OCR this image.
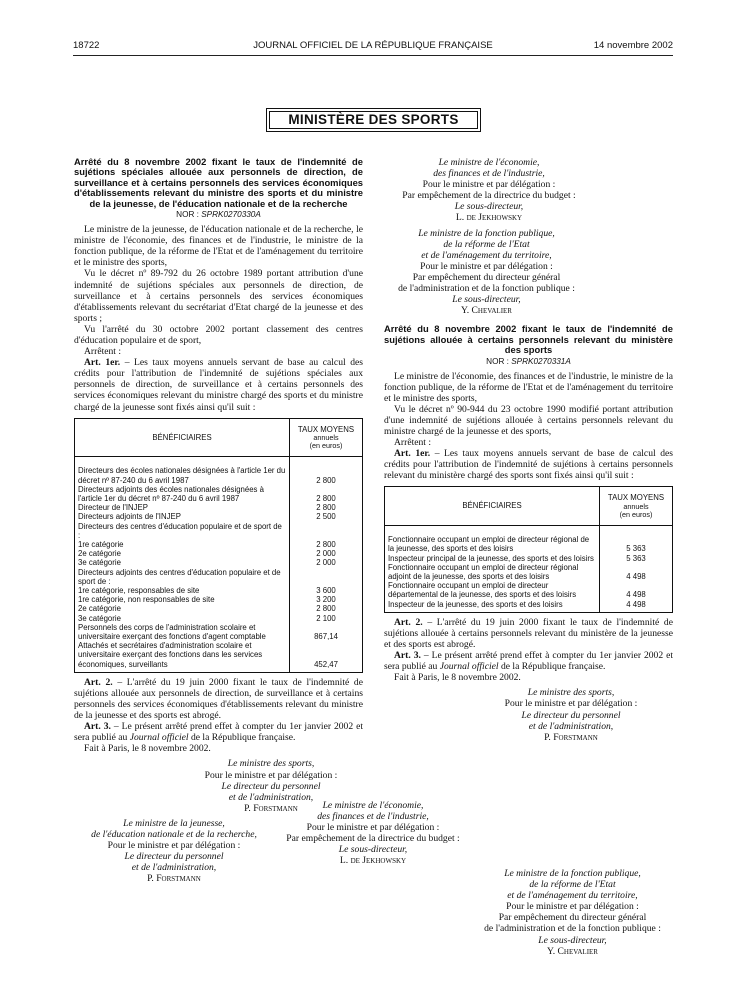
18722	JOURNAL OFFICIEL DE LA RÉPUBLIQUE FRANÇAISE	14 novembre 2002
MINISTÈRE DES SPORTS
Arrêté du 8 novembre 2002 fixant le taux de l'indemnité de sujétions spéciales allouée aux personnels de direction, de surveillance et à certains personnels des services économiques d'établissements relevant du ministre des sports et du ministre de la jeunesse, de l'éducation nationale et de la recherche
NOR : SPRK0270330A

Le ministre de la jeunesse, de l'éducation nationale et de la recherche, le ministre de l'économie, des finances et de l'industrie, le ministre de la fonction publique, de la réforme de l'Etat et de l'aménagement du territoire et le ministre des sports,

Vu le décret nº 89-792 du 26 octobre 1989 portant attribution d'une indemnité de sujétions spéciales aux personnels de direction, de surveillance et à certains personnels des services économiques d'établissements relevant du secrétariat d'Etat chargé de la jeunesse et des sports ;

Vu l'arrêté du 30 octobre 2002 portant classement des centres d'éducation populaire et de sport,

Arrêtent :

Art. 1er. – Les taux moyens annuels servant de base au calcul des crédits pour l'attribution de l'indemnité de sujétions spéciales aux personnels de direction, de surveillance et à certains personnels des services économiques relevant du ministre chargé des sports et du ministre chargé de la jeunesse sont fixés ainsi qu'il suit :

BÉNÉFICIAIRES	TAUX MOYENS
annuels
(en euros)

Directeurs des écoles nationales désignées à l'article 1er du décret nº 87-240 du 6 avril 1987	2 800
Directeurs adjoints des écoles nationales désignées à l'article 1er du décret nº 87-240 du 6 avril 1987	2 800
Directeur de l'INJEP	2 800
Directeurs adjoints de l'INJEP	2 500
Directeurs des centres d'éducation populaire et de sport de :	
1re catégorie	2 800
2e catégorie	2 000
3e catégorie	2 000
Directeurs adjoints des centres d'éducation populaire et de sport de :	
1re catégorie, responsables de site	3 600
1re catégorie, non responsables de site	3 200
2e catégorie	2 800
3e catégorie	2 100
Personnels des corps de l'administration scolaire et universitaire exerçant des fonctions d'agent comptable	867,14
Attachés et secrétaires d'administration scolaire et universitaire exerçant des fonctions dans les services économiques, surveillants	452,47

Art. 2. – L'arrêté du 19 juin 2000 fixant le taux de l'indemnité de sujétions allouée aux personnels de direction, de surveillance et à certains personnels des services économiques d'établissements relevant du ministre de la jeunesse et des sports est abrogé.

Art. 3. – Le présent arrêté prend effet à compter du 1er janvier 2002 et sera publié au Journal officiel de la République française.

Fait à Paris, le 8 novembre 2002.

Le ministre des sports,
Pour le ministre et par délégation :
Le directeur du personnel
et de l'administration,
P. Forstmann
Le ministre de la jeunesse,
de l'éducation nationale et de la recherche,
Pour le ministre et par délégation :
Le directeur du personnel
et de l'administration,
P. Forstmann
Le ministre de l'économie,
des finances et de l'industrie,
Pour le ministre et par délégation :
Par empêchement de la directrice du budget :
Le sous-directeur,
L. de Jekhowsky
Le ministre de la fonction publique,
de la réforme de l'Etat
et de l'aménagement du territoire,
Pour le ministre et par délégation :
Par empêchement du directeur général
de l'administration et de la fonction publique :
Le sous-directeur,
Y. Chevalier
Arrêté du 8 novembre 2002 fixant le taux de l'indemnité de sujétions allouée à certains personnels relevant du ministère des sports
NOR : SPRK0270331A

Le ministre de l'économie, des finances et de l'industrie, le ministre de la fonction publique, de la réforme de l'Etat et de l'aménagement du territoire et le ministre des sports,

Vu le décret nº 90-944 du 23 octobre 1990 modifié portant attribution d'une indemnité de sujétions allouée à certains personnels relevant du ministre chargé de la jeunesse et des sports,

Arrêtent :

Art. 1er. – Les taux moyens annuels servant de base de calcul des crédits pour l'attribution de l'indemnité de sujétions à certains personnels relevant du ministère chargé des sports sont fixés ainsi qu'il suit :

BÉNÉFICIAIRES	TAUX MOYENS
annuels
(en euros)

Fonctionnaire occupant un emploi de directeur régional de la jeunesse, des sports et des loisirs	5 363
Inspecteur principal de la jeunesse, des sports et des loisirs	5 363
Fonctionnaire occupant un emploi de directeur régional adjoint de la jeunesse, des sports et des loisirs	4 498
Fonctionnaire occupant un emploi de directeur départemental de la jeunesse, des sports et des loisirs	4 498
Inspecteur de la jeunesse, des sports et des loisirs	4 498

Art. 2. – L'arrêté du 19 juin 2000 fixant le taux de l'indemnité de sujétions allouée à certains personnels relevant du ministère de la jeunesse et des sports est abrogé.

Art. 3. – Le présent arrêté prend effet à compter du 1er janvier 2002 et sera publié au Journal officiel de la République française.

Fait à Paris, le 8 novembre 2002.

Le ministre des sports,
Pour le ministre et par délégation :
Le directeur du personnel
et de l'administration,
P. Forstmann
Le ministre de l'économie,
des finances et de l'industrie,
Pour le ministre et par délégation :
Par empêchement de la directrice du budget :
Le sous-directeur,
L. de Jekhowsky
Le ministre de la fonction publique,
de la réforme de l'Etat
et de l'aménagement du territoire,
Pour le ministre et par délégation :
Par empêchement du directeur général
de l'administration et de la fonction publique :
Le sous-directeur,
Y. Chevalier
